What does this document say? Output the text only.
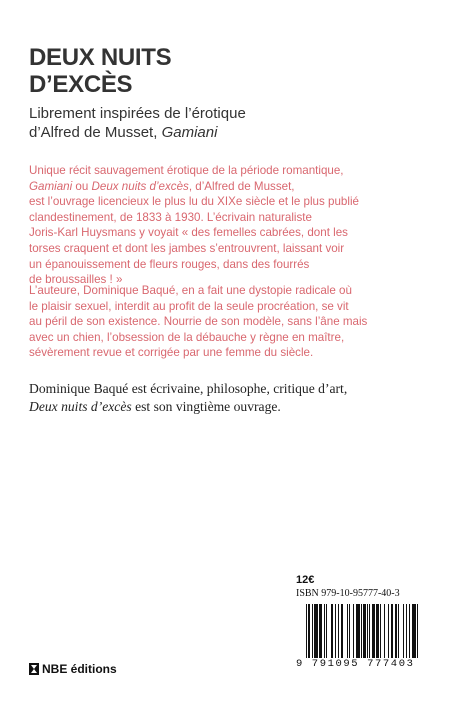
DEUX NUITS
D’EXCÈS
Librement inspirées de l’érotique
d’Alfred de Musset, Gamiani
Unique récit sauvagement érotique de la période romantique,
Gamiani ou Deux nuits d’excès, d’Alfred de Musset,
est l’ouvrage licencieux le plus lu du XIXe siècle et le plus publié
clandestinement, de 1833 à 1930. L’écrivain naturaliste
Joris-Karl Huysmans y voyait « des femelles cabrées, dont les
torses craquent et dont les jambes s’entrouvrent, laissant voir
un épanouissement de fleurs rouges, dans des fourrés
de broussailles ! »
L’auteure, Dominique Baqué, en a fait une dystopie radicale où
le plaisir sexuel, interdit au profit de la seule procréation, se vit
au péril de son existence. Nourrie de son modèle, sans l’âne mais
avec un chien, l’obsession de la débauche y règne en maître,
sévèrement revue et corrigée par une femme du siècle.
Dominique Baqué est écrivaine, philosophe, critique d’art,
Deux nuits d’excès est son vingtième ouvrage.
12€
ISBN 979-10-95777-40-3
9 791095 777403
NBE éditions
